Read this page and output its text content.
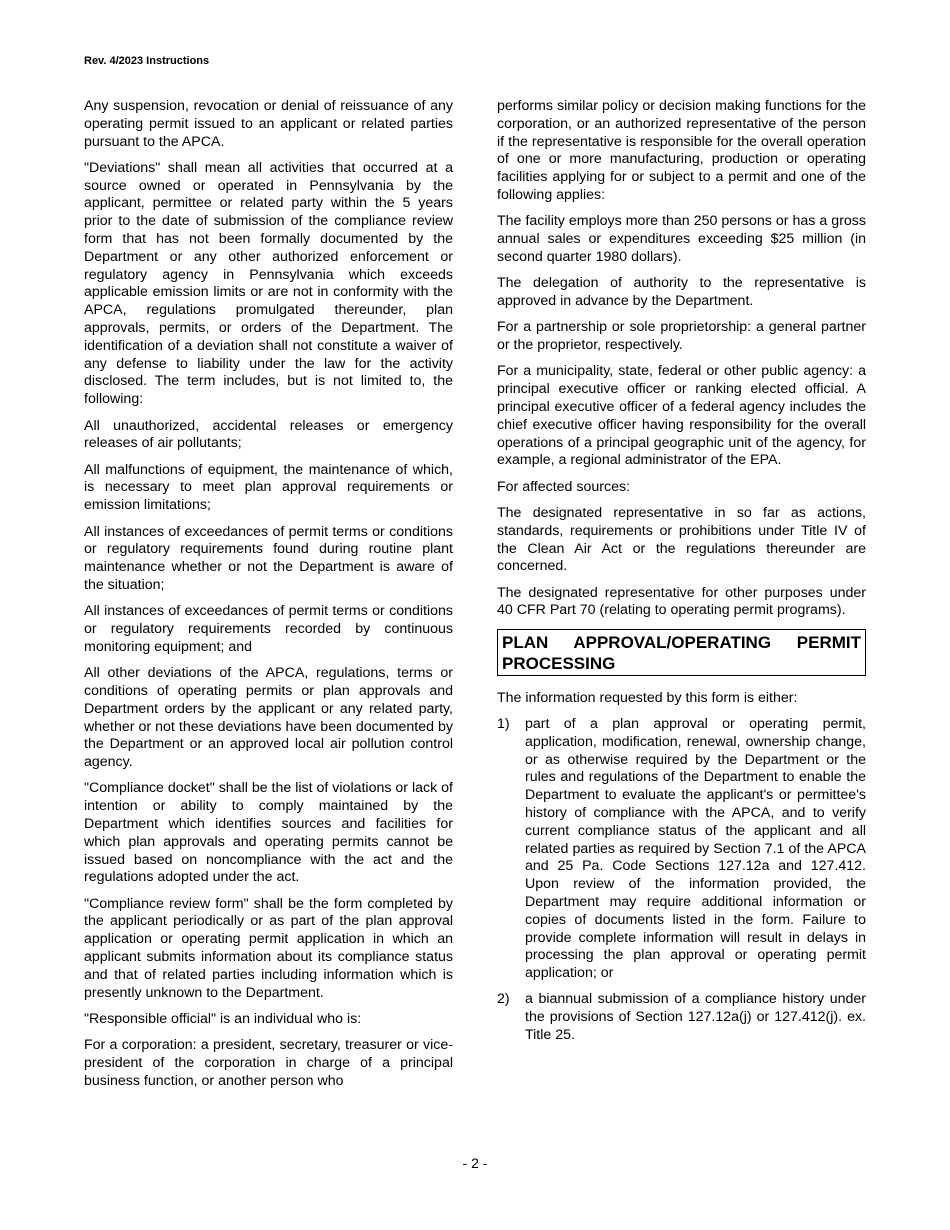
Rev. 4/2023 Instructions

Any suspension, revocation or denial of reissuance of any operating permit issued to an applicant or related parties pursuant to the APCA.

"Deviations" shall mean all activities that occurred at a source owned or operated in Pennsylvania by the applicant, permittee or related party within the 5 years prior to the date of submission of the compliance review form that has not been formally documented by the Department or any other authorized enforcement or regulatory agency in Pennsylvania which exceeds applicable emission limits or are not in conformity with the APCA, regulations promulgated thereunder, plan approvals, permits, or orders of the Department. The identification of a deviation shall not constitute a waiver of any defense to liability under the law for the activity disclosed. The term includes, but is not limited to, the following:

All unauthorized, accidental releases or emergency releases of air pollutants;

All malfunctions of equipment, the maintenance of which, is necessary to meet plan approval requirements or emission limitations;

All instances of exceedances of permit terms or conditions or regulatory requirements found during routine plant maintenance whether or not the Department is aware of the situation;

All instances of exceedances of permit terms or conditions or regulatory requirements recorded by continuous monitoring equipment; and

All other deviations of the APCA, regulations, terms or conditions of operating permits or plan approvals and Department orders by the applicant or any related party, whether or not these deviations have been documented by the Department or an approved local air pollution control agency.

"Compliance docket" shall be the list of violations or lack of intention or ability to comply maintained by the Department which identifies sources and facilities for which plan approvals and operating permits cannot be issued based on noncompliance with the act and the regulations adopted under the act.

"Compliance review form" shall be the form completed by the applicant periodically or as part of the plan approval application or operating permit application in which an applicant submits information about its compliance status and that of related parties including information which is presently unknown to the Department.

"Responsible official" is an individual who is:

For a corporation: a president, secretary, treasurer or vice-president of the corporation in charge of a principal business function, or another person who

performs similar policy or decision making functions for the corporation, or an authorized representative of the person if the representative is responsible for the overall operation of one or more manufacturing, production or operating facilities applying for or subject to a permit and one of the following applies:

The facility employs more than 250 persons or has a gross annual sales or expenditures exceeding $25 million (in second quarter 1980 dollars).

The delegation of authority to the representative is approved in advance by the Department.

For a partnership or sole proprietorship: a general partner or the proprietor, respectively.

For a municipality, state, federal or other public agency: a principal executive officer or ranking elected official. A principal executive officer of a federal agency includes the chief executive officer having responsibility for the overall operations of a principal geographic unit of the agency, for example, a regional administrator of the EPA.

For affected sources:

The designated representative in so far as actions, standards, requirements or prohibitions under Title IV of the Clean Air Act or the regulations thereunder are concerned.

The designated representative for other purposes under 40 CFR Part 70 (relating to operating permit programs).

PLAN APPROVAL/OPERATING PERMIT PROCESSING

The information requested by this form is either:

1)	part of a plan approval or operating permit, application, modification, renewal, ownership change, or as otherwise required by the Department or the rules and regulations of the Department to enable the Department to evaluate the applicant's or permittee's history of compliance with the APCA, and to verify current compliance status of the applicant and all related parties as required by Section 7.1 of the APCA and 25 Pa. Code Sections 127.12a and 127.412. Upon review of the information provided, the Department may require additional information or copies of documents listed in the form. Failure to provide complete information will result in delays in processing the plan approval or operating permit application; or
2)	a biannual submission of a compliance history under the provisions of Section 127.12a(j) or 127.412(j). ex. Title 25.
- 2 -
